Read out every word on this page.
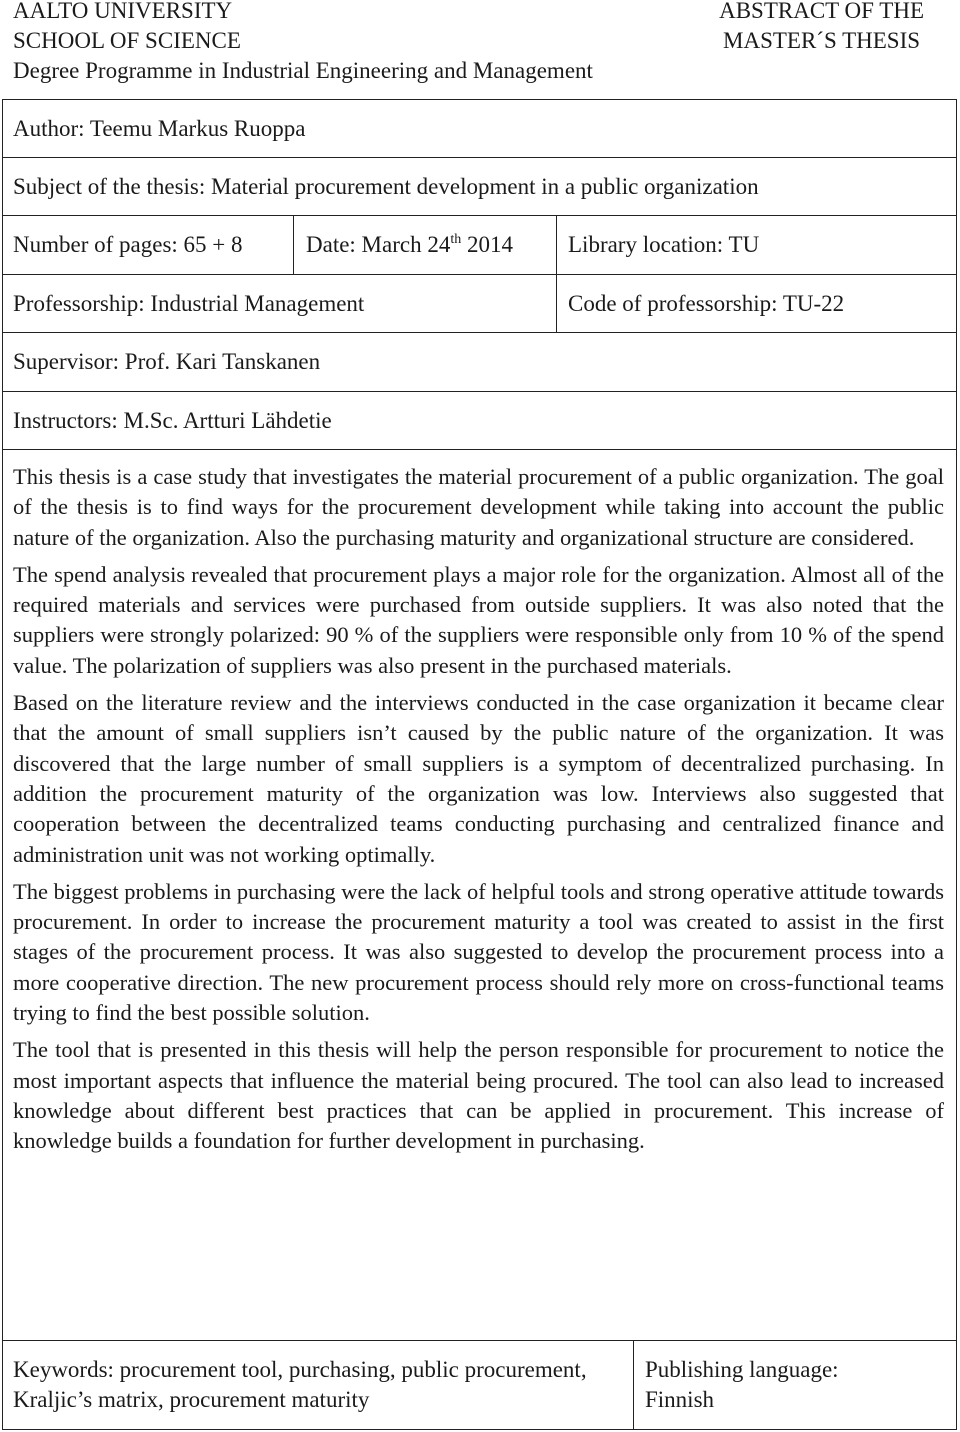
AALTO UNIVERSITY
SCHOOL OF SCIENCE
Degree Programme in Industrial Engineering and Management
ABSTRACT OF THE
MASTER´S THESIS
Author: Teemu Markus Ruoppa
Subject of the thesis: Material procurement development in a public organization
Number of pages: 65 + 8	Date: March 24th 2014 Library location: TU
Professorship: Industrial Management	Code of professorship: TU-22
Supervisor: Prof. Kari Tanskanen
Instructors: M.Sc. Artturi Lähdetie

This thesis is a case study that investigates the material procurement of a public organization. The goal of the thesis is to find ways for the procurement development while taking into account the public nature of the organization. Also the purchasing maturity and organizational structure are considered.

The spend analysis revealed that procurement plays a major role for the organization. Almost all of the required materials and services were purchased from outside suppliers. It was also noted that the suppliers were strongly polarized: 90 % of the suppliers were responsible only from 10 % of the spend value. The polarization of suppliers was also present in the purchased materials.

Based on the literature review and the interviews conducted in the case organization it became clear that the amount of small suppliers isn’t caused by the public nature of the organization. It was discovered that the large number of small suppliers is a symptom of decentralized purchasing. In addition the procurement maturity of the organization was low. Interviews also suggested that cooperation between the decentralized teams conducting purchasing and centralized finance and administration unit was not working optimally.

The biggest problems in purchasing were the lack of helpful tools and strong operative attitude towards procurement. In order to increase the procurement maturity a tool was created to assist in the first stages of the procurement process. It was also suggested to develop the procurement process into a more cooperative direction. The new procurement process should rely more on cross-functional teams trying to find the best possible solution.

The tool that is presented in this thesis will help the person responsible for procurement to notice the most important aspects that influence the material being procured. The tool can also lead to increased knowledge about different best practices that can be applied in procurement. This increase of knowledge builds a foundation for further development in purchasing.

Keywords: procurement tool, purchasing, public procurement, Kraljic’s matrix, procurement maturity
Publishing language:
Finnish
